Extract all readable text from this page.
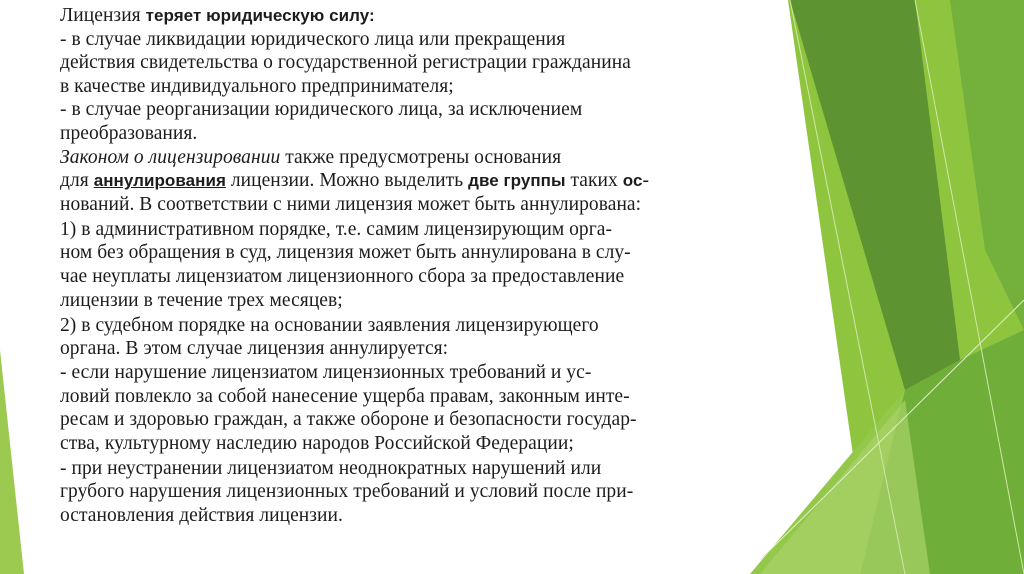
Лицензия теряет юридическую силу:

- в случае ликвидации юридического лица или прекращения
действия свидетельства о государственной регистрации гражданина
в качестве индивидуального предпринимателя;

- в случае реорганизации юридического лица, за исключением
преобразования.

Законом о лицензировании также предусмотрены основания
для аннулирования лицензии. Можно выделить две группы таких ос-
нований. В соответствии с ними лицензия может быть аннулирована:

1) в административном порядке, т.е. самим лицензирующим орга-
ном без обращения в суд, лицензия может быть аннулирована в слу-
чае неуплаты лицензиатом лицензионного сбора за предоставление
лицензии в течение трех месяцев;

2) в судебном порядке на основании заявления лицензирующего
органа. В этом случае лицензия аннулируется:

- если нарушение лицензиатом лицензионных требований и ус-
ловий повлекло за собой нанесение ущерба правам, законным инте-
ресам и здоровью граждан, а также обороне и безопасности государ-
ства, культурному наследию народов Российской Федерации;

- при неустранении лицензиатом неоднократных нарушений или
грубого нарушения лицензионных требований и условий после при-
остановления действия лицензии.
